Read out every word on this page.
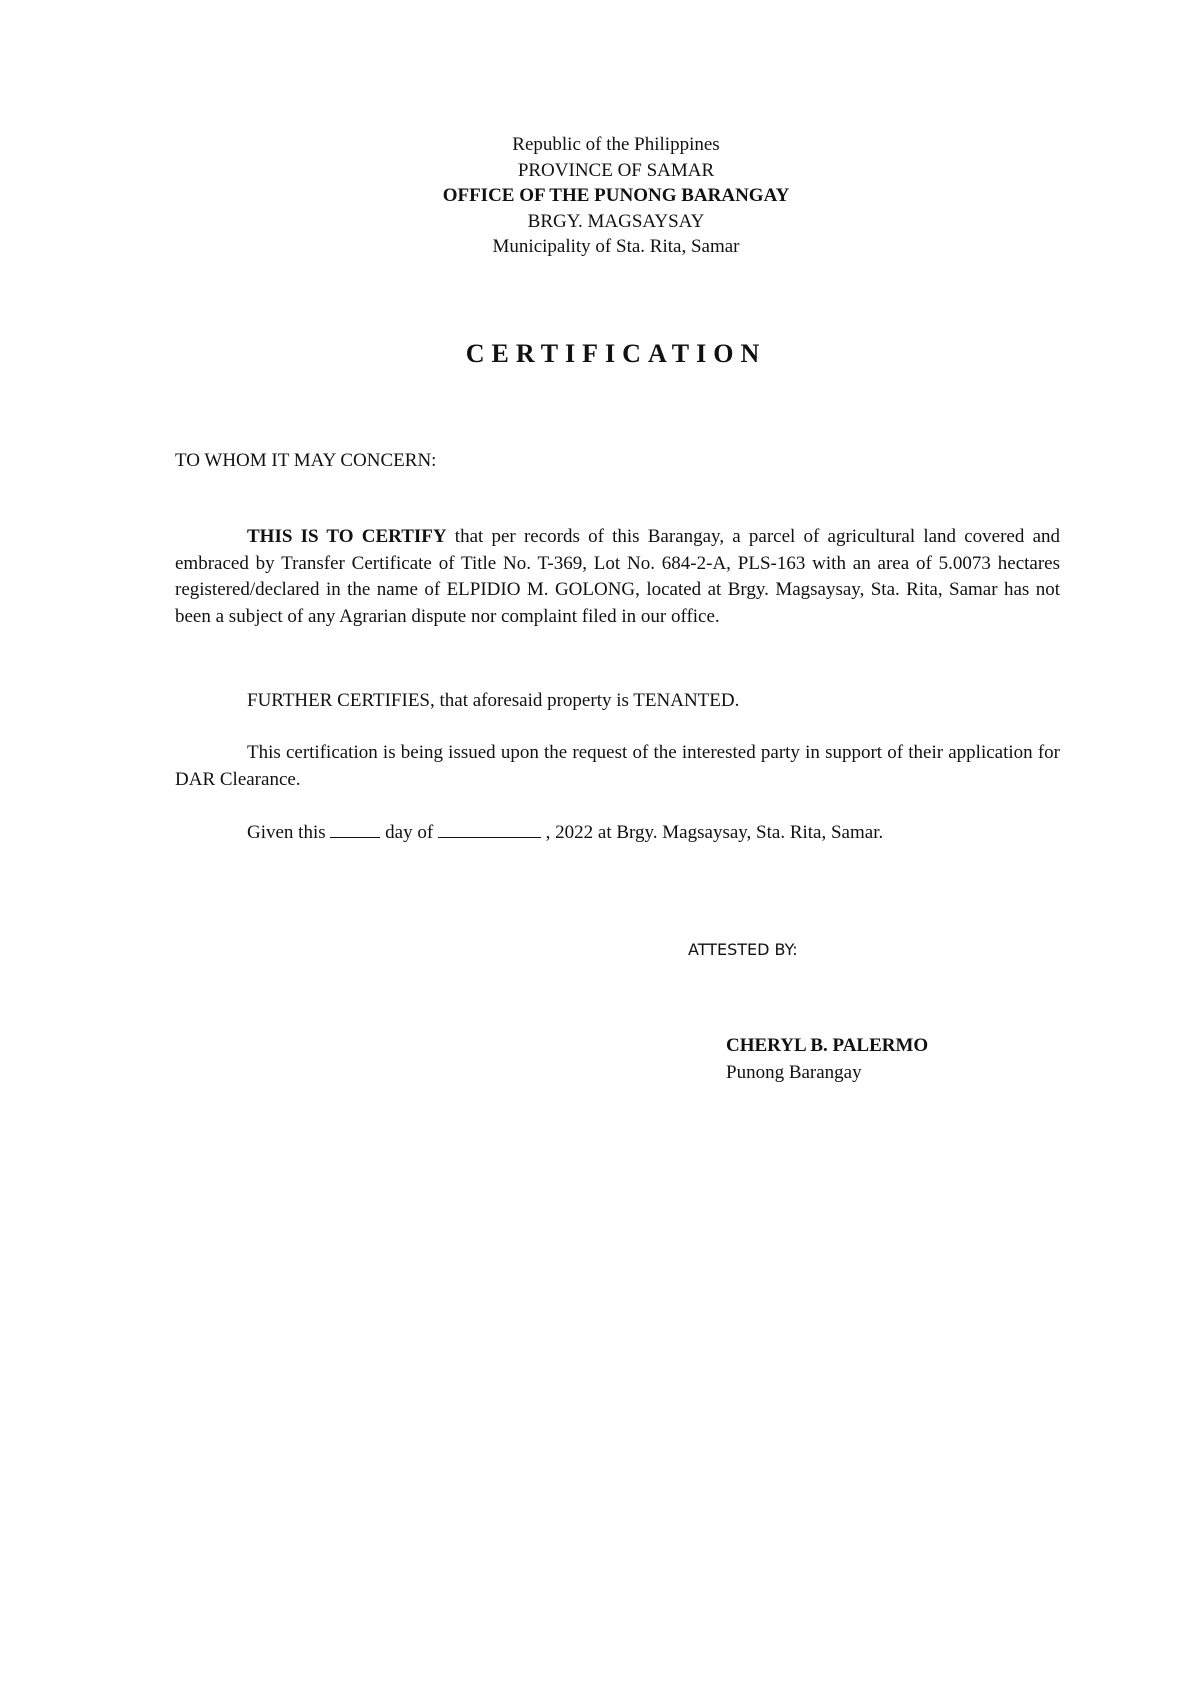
Republic of the Philippines
PROVINCE OF SAMAR
OFFICE OF THE PUNONG BARANGAY
BRGY. MAGSAYSAY
Municipality of Sta. Rita, Samar
CERTIFICATION
TO WHOM IT MAY CONCERN:
THIS IS TO CERTIFY that per records of this Barangay, a parcel of agricultural land covered and embraced by Transfer Certificate of Title No. T-369, Lot No. 684-2-A, PLS-163 with an area of 5.0073 hectares registered/declared in the name of ELPIDIO M. GOLONG, located at Brgy. Magsaysay, Sta. Rita, Samar has not been a subject of any Agrarian dispute nor complaint filed in our office.
FURTHER CERTIFIES, that aforesaid property is TENANTED.
This certification is being issued upon the request of the interested party in support of their application for DAR Clearance.
Given this	day of	, 2022 at Brgy. Magsaysay, Sta. Rita, Samar.
ATTESTED BY:
CHERYL B. PALERMO
Punong Barangay
